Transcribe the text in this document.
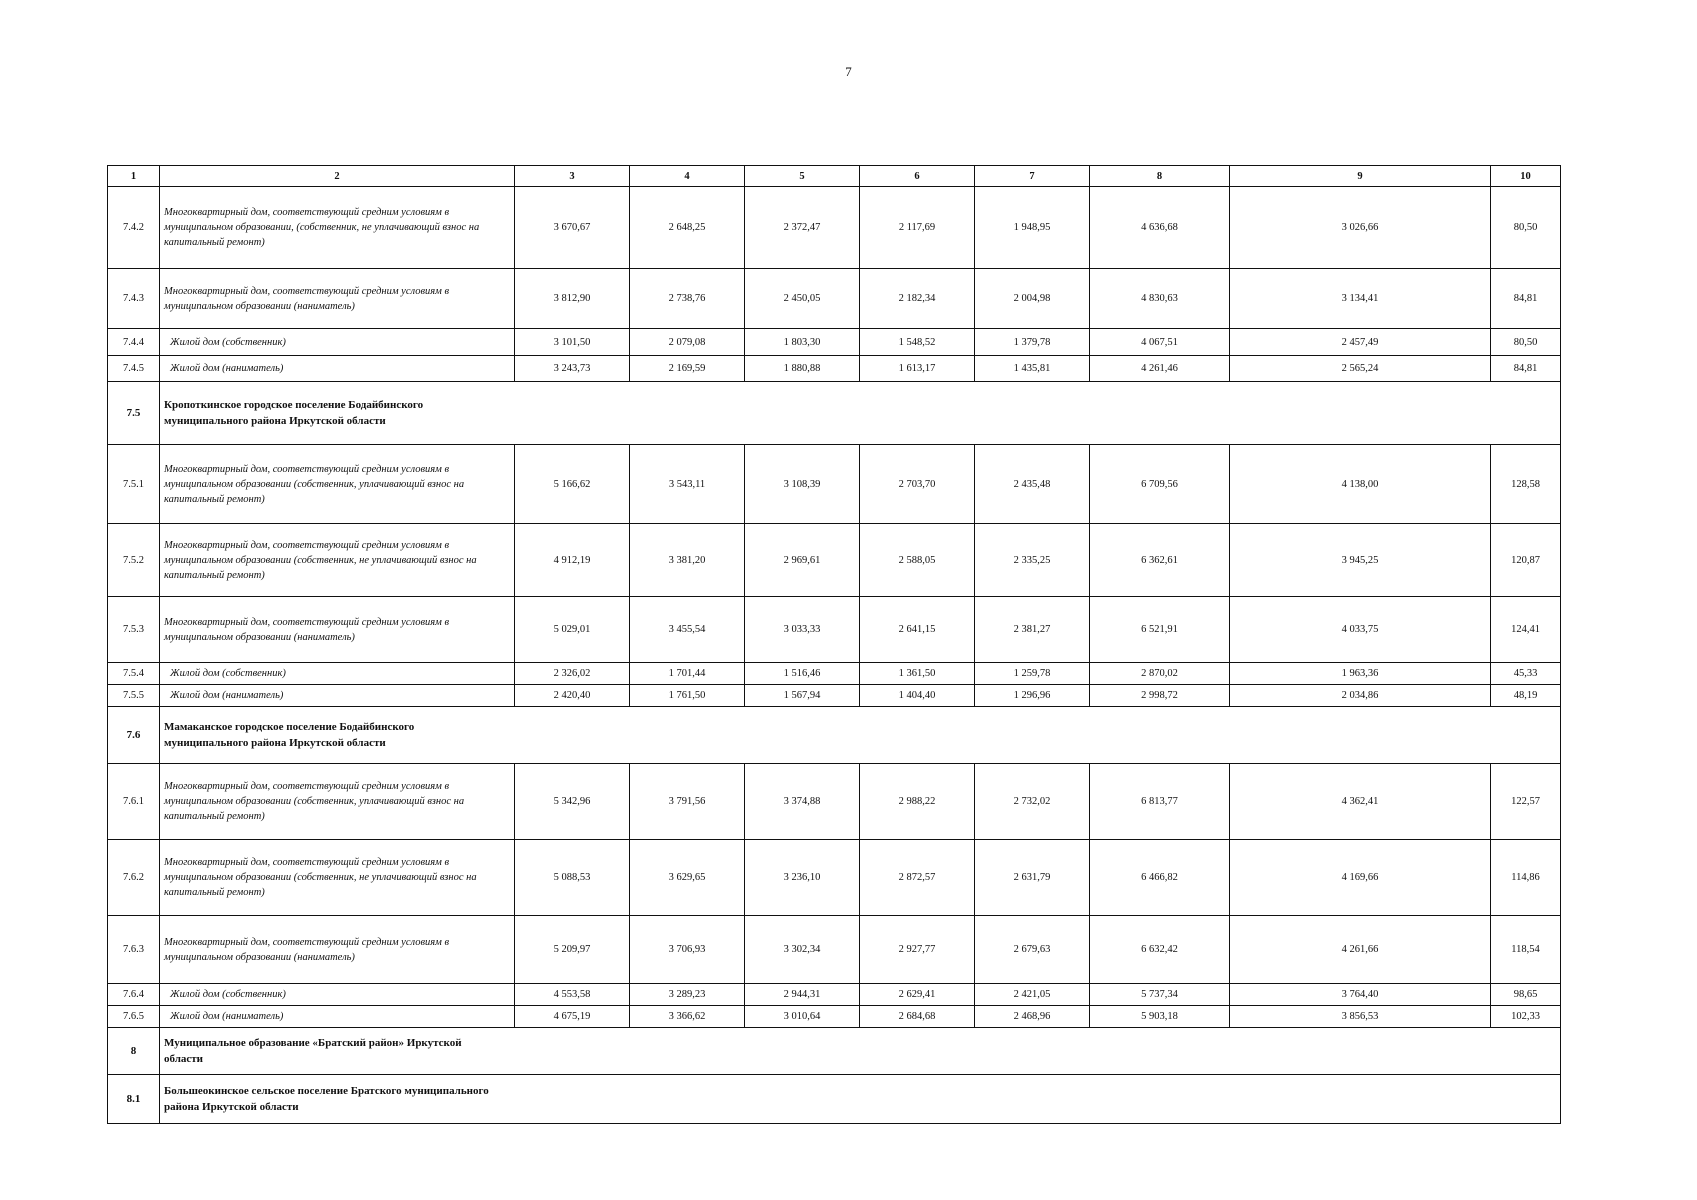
7
1	2	3	4	5	6	7	8	9	10
7.4.2	Многоквартирный дом, соответствующий средним условиям в муниципальном образовании, (собственник, не уплачивающий взнос на капитальный ремонт)	3 670,67	2 648,25	2 372,47	2 117,69	1 948,95	4 636,68	3 026,66	80,50
7.4.3	Многоквартирный дом, соответствующий средним условиям в муниципальном образовании (наниматель)	3 812,90	2 738,76	2 450,05	2 182,34	2 004,98	4 830,63	3 134,41	84,81
7.4.4	Жилой дом (собственник)	3 101,50	2 079,08	1 803,30	1 548,52	1 379,78	4 067,51	2 457,49	80,50
7.4.5	Жилой дом (наниматель)	3 243,73	2 169,59	1 880,88	1 613,17	1 435,81	4 261,46	2 565,24	84,81
7.5	Кропоткинское городское поселение Бодайбинского муниципального района Иркутской области								

7.5.1	Многоквартирный дом, соответствующий средним условиям в муниципальном образовании (собственник, уплачивающий взнос на капитальный ремонт)	5 166,62	3 543,11	3 108,39	2 703,70	2 435,48	6 709,56	4 138,00	128,58
7.5.2	Многоквартирный дом, соответствующий средним условиям в муниципальном образовании (собственник, не уплачивающий взнос на капитальный ремонт)	4 912,19	3 381,20	2 969,61	2 588,05	2 335,25	6 362,61	3 945,25	120,87
7.5.3	Многоквартирный дом, соответствующий средним условиям в муниципальном образовании (наниматель)	5 029,01	3 455,54	3 033,33	2 641,15	2 381,27	6 521,91	4 033,75	124,41
7.5.4	Жилой дом (собственник)	2 326,02	1 701,44	1 516,46	1 361,50	1 259,78	2 870,02	1 963,36	45,33
7.5.5	Жилой дом (наниматель)	2 420,40	1 761,50	1 567,94	1 404,40	1 296,96	2 998,72	2 034,86	48,19
7.6	Мамаканское городское поселение Бодайбинского муниципального района Иркутской области								

7.6.1	Многоквартирный дом, соответствующий средним условиям в муниципальном образовании (собственник, уплачивающий взнос на капитальный ремонт)	5 342,96	3 791,56	3 374,88	2 988,22	2 732,02	6 813,77	4 362,41	122,57
7.6.2	Многоквартирный дом, соответствующий средним условиям в муниципальном образовании (собственник, не уплачивающий взнос на капитальный ремонт)	5 088,53	3 629,65	3 236,10	2 872,57	2 631,79	6 466,82	4 169,66	114,86
7.6.3	Многоквартирный дом, соответствующий средним условиям в муниципальном образовании (наниматель)	5 209,97	3 706,93	3 302,34	2 927,77	2 679,63	6 632,42	4 261,66	118,54
7.6.4	Жилой дом (собственник)	4 553,58	3 289,23	2 944,31	2 629,41	2 421,05	5 737,34	3 764,40	98,65
7.6.5	Жилой дом (наниматель)	4 675,19	3 366,62	3 010,64	2 684,68	2 468,96	5 903,18	3 856,53	102,33
8	Муниципальное образование «Братский район» Иркутской области								

8.1	Большеокинское сельское поселение Братского муниципального района Иркутской области								
